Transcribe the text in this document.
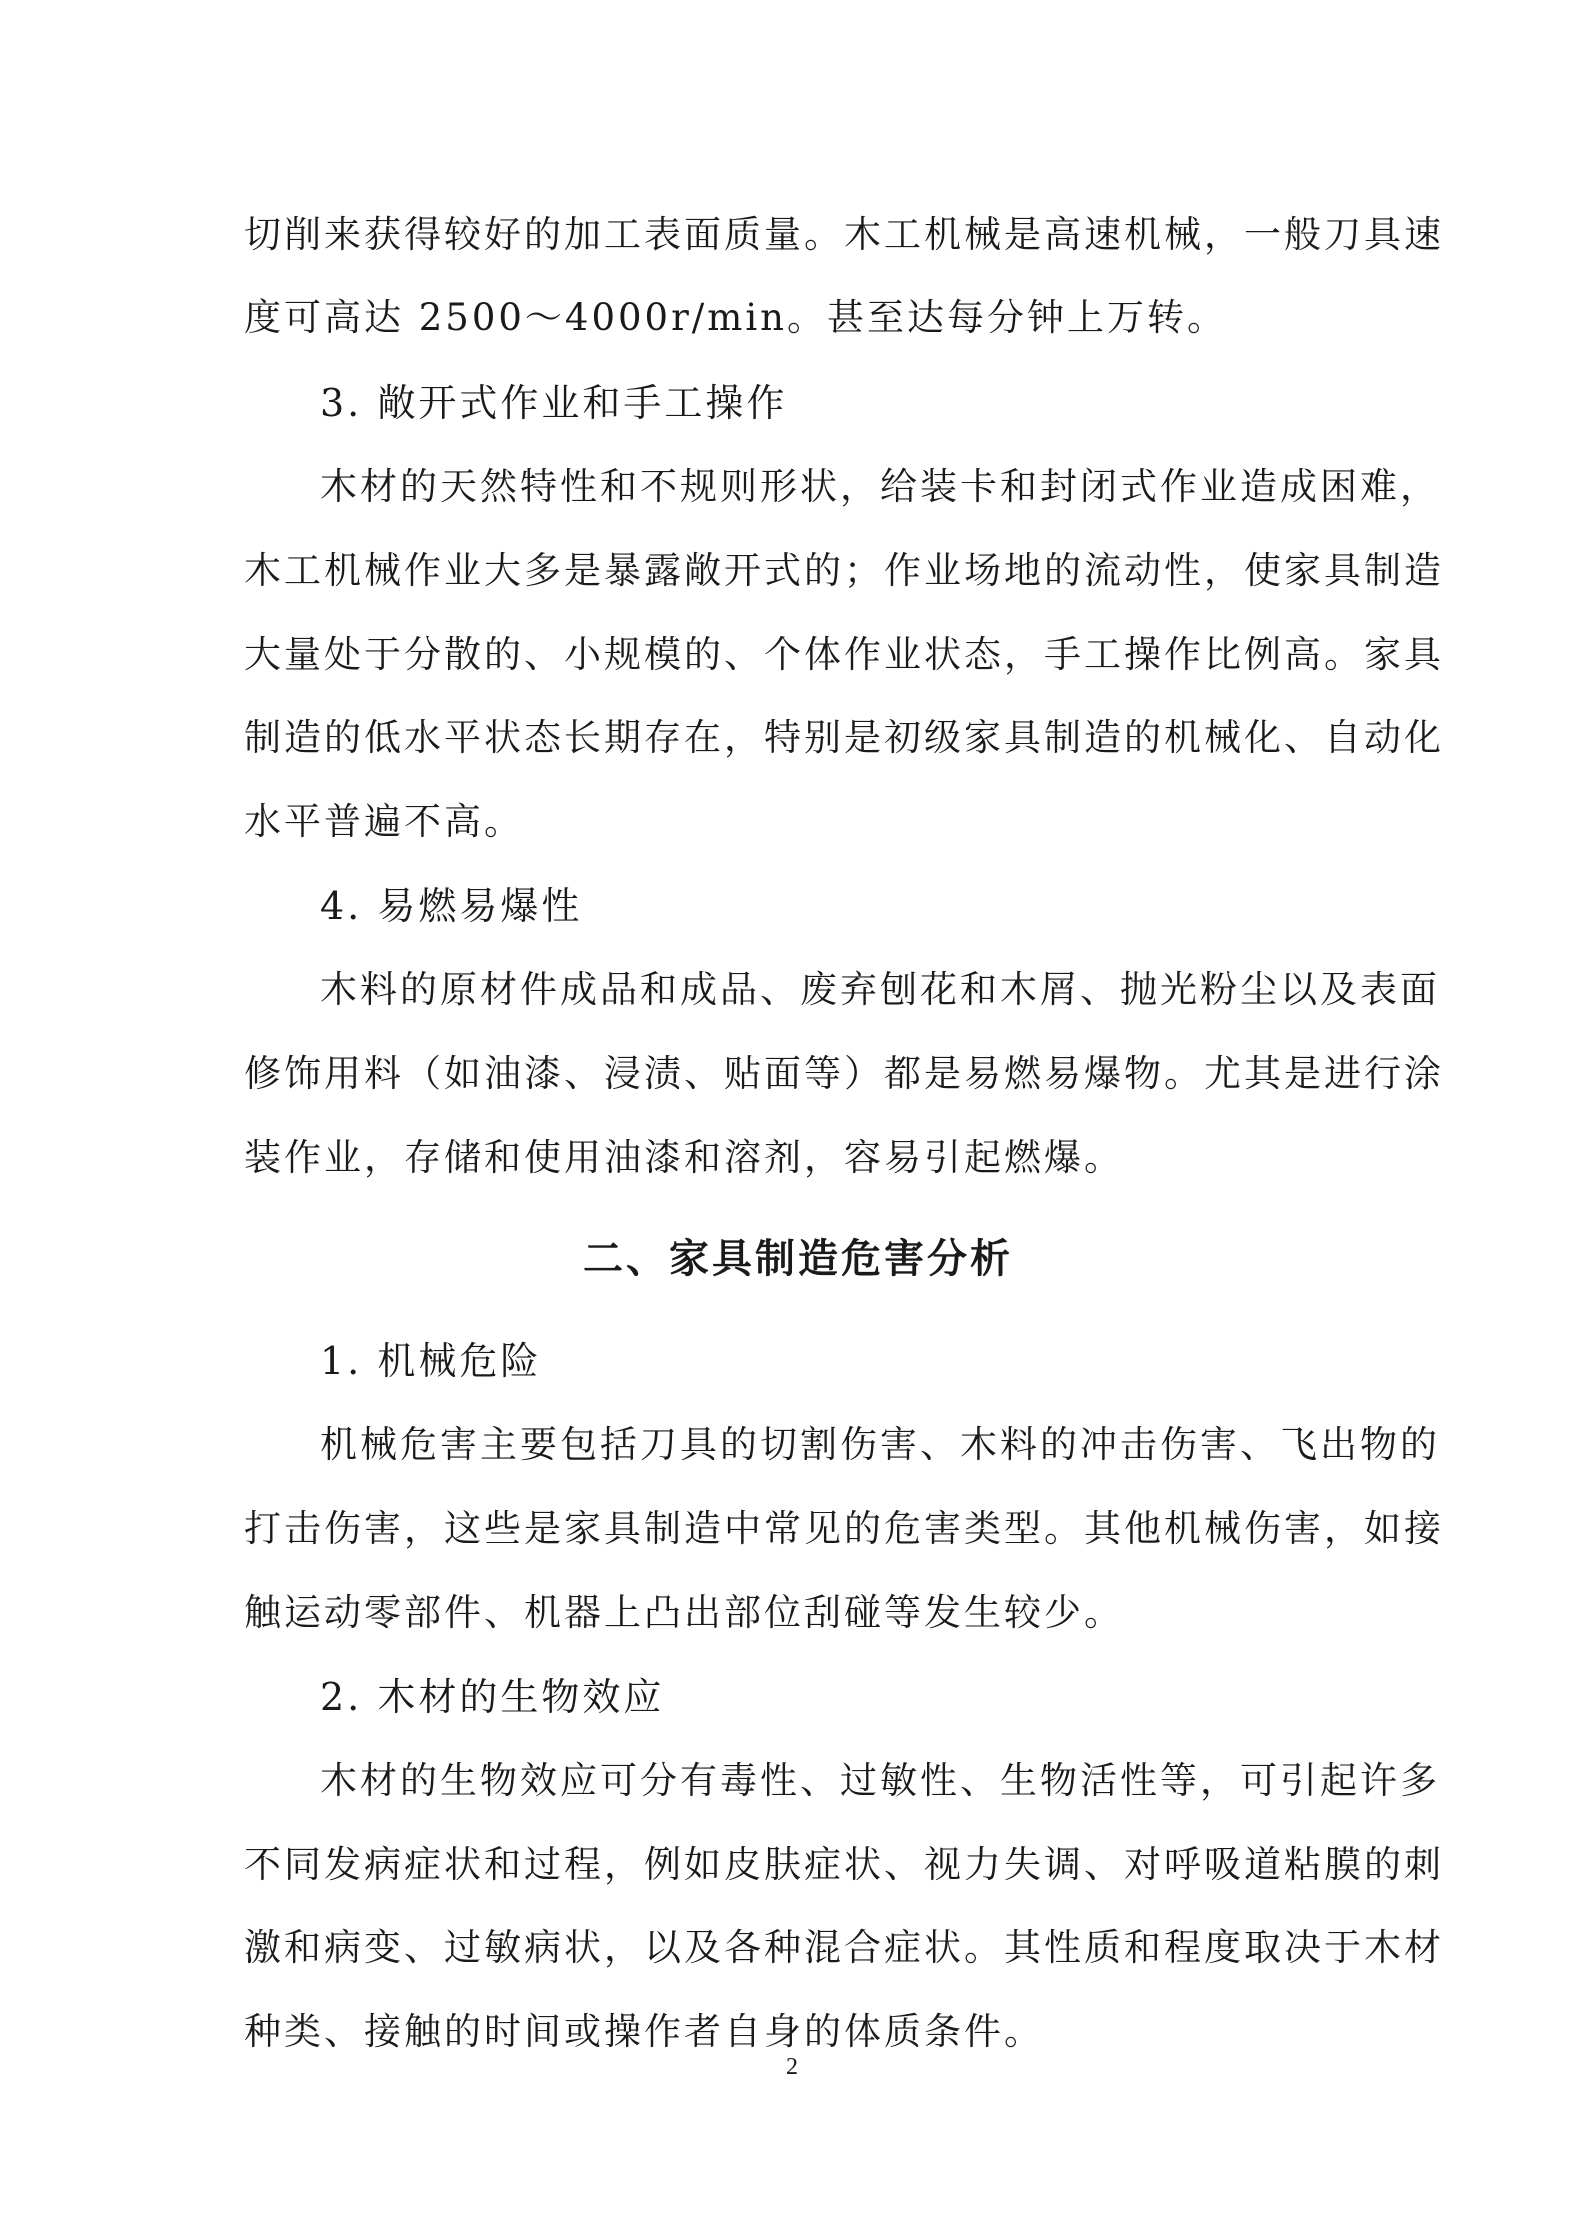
切削来获得较好的加工表面质量。木工机械是高速机械，一般刀具速

度可高达 2500～4000r/min。甚至达每分钟上万转。

3. 敞开式作业和手工操作

木材的天然特性和不规则形状，给装卡和封闭式作业造成困难，

木工机械作业大多是暴露敞开式的；作业场地的流动性，使家具制造

大量处于分散的、小规模的、个体作业状态，手工操作比例高。家具

制造的低水平状态长期存在，特别是初级家具制造的机械化、自动化

水平普遍不高。

4. 易燃易爆性

木料的原材件成品和成品、废弃刨花和木屑、抛光粉尘以及表面

修饰用料（如油漆、浸渍、贴面等）都是易燃易爆物。尤其是进行涂

装作业，存储和使用油漆和溶剂，容易引起燃爆。

二、家具制造危害分析

1. 机械危险

机械危害主要包括刀具的切割伤害、木料的冲击伤害、飞出物的

打击伤害，这些是家具制造中常见的危害类型。其他机械伤害，如接

触运动零部件、机器上凸出部位刮碰等发生较少。

2. 木材的生物效应

木材的生物效应可分有毒性、过敏性、生物活性等，可引起许多

不同发病症状和过程，例如皮肤症状、视力失调、对呼吸道粘膜的刺

激和病变、过敏病状，以及各种混合症状。其性质和程度取决于木材

种类、接触的时间或操作者自身的体质条件。

2
